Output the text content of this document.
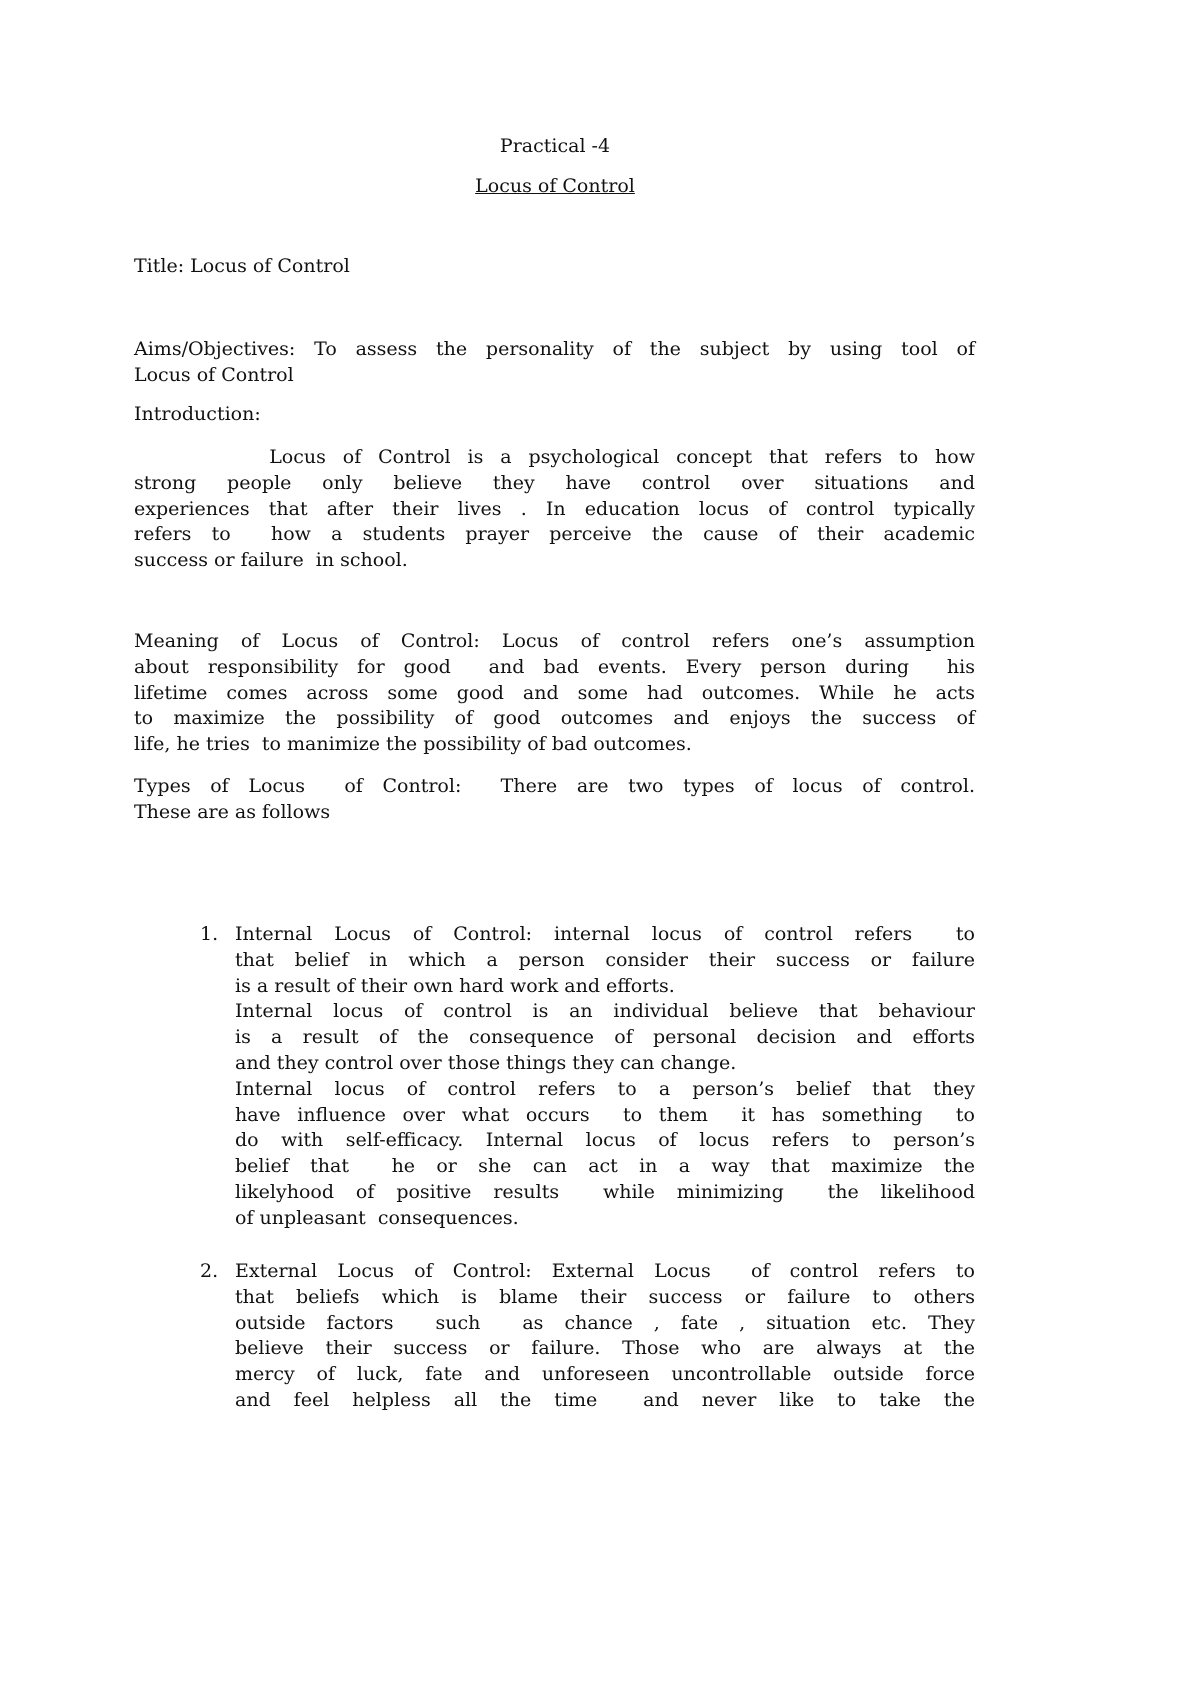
Practical -4
Locus of Control
Title: Locus of Control
Aims/Objectives: To assess the personality of the subject by using tool of
Locus of Control
Introduction:
Locus of Control is a psychological concept that refers to how
strong people only believe they have control over situations and
experiences that after their lives . In education locus of control typically
refers to  how a students prayer perceive the cause of their academic
success or failure  in school.
Meaning of Locus of Control: Locus of control refers one’s assumption
about responsibility for good  and bad events. Every person during  his
lifetime comes across some good and some had outcomes. While he acts
to maximize the possibility of good outcomes and enjoys the success of
life, he tries  to manimize the possibility of bad outcomes.
Types of Locus  of Control:  There are two types of locus of control.
These are as follows
1. Internal Locus of Control: internal locus of control refers  to
that belief in which a person consider their success or failure
is a result of their own hard work and efforts.
Internal locus of control is an individual believe that behaviour
is a result of the consequence of personal decision and efforts
and they control over those things they can change.
Internal locus of control refers to a person’s belief that they
have influence over what occurs  to them  it has something  to
do with self-efficacy. Internal locus of locus refers to person’s
belief that  he or she can act in a way that maximize the
likelyhood of positive results  while minimizing  the likelihood
of unpleasant  consequences.
2. External Locus of Control: External Locus  of control refers to
that beliefs which is blame their success or failure to others
outside factors  such  as chance , fate , situation etc. They
believe their success or failure. Those who are always at the
mercy of luck, fate and unforeseen uncontrollable outside force
and feel helpless all the time  and never like to take the
